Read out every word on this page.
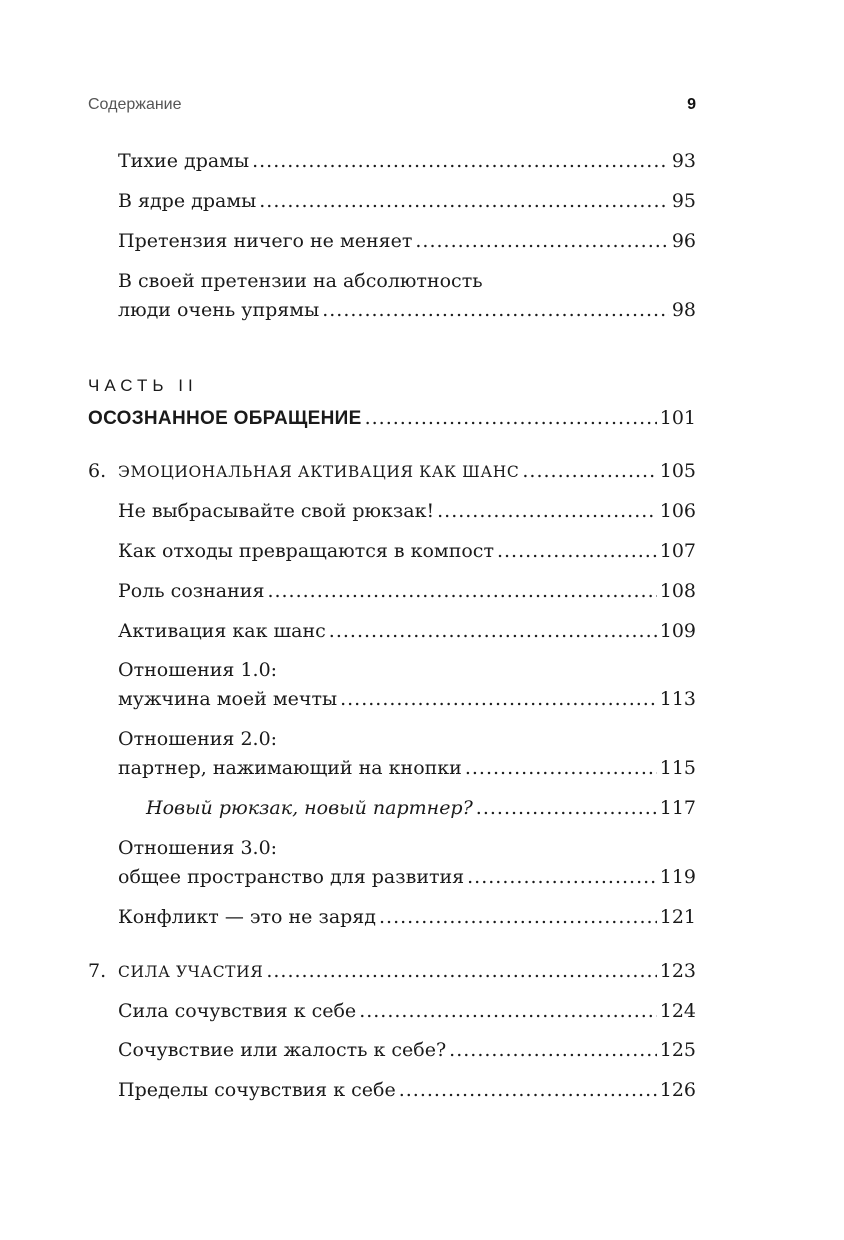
Содержание	9
Тихие драмы .....	93
В ядре драмы .....	95
Претензия ничего не меняет .....	96
В своей претензии на абсолютность
люди очень упрямы .....	98
ЧАСТЬ II
ОСОЗНАННОЕ ОБРАЩЕНИЕ .....	101
6. ЭМОЦИОНАЛЬНАЯ АКТИВАЦИЯ КАК ШАНС .....	105
Не выбрасывайте свой рюкзак! .....	106
Как отходы превращаются в компост .....	107
Роль сознания .....	108
Активация как шанс .....	109
Отношения 1.0:
мужчина моей мечты .....	113
Отношения 2.0:
партнер, нажимающий на кнопки .....	115
Новый рюкзак, новый партнер? .....	117
Отношения 3.0:
общее пространство для развития .....	119
Конфликт — это не заряд .....	121
7. СИЛА УЧАСТИЯ .....	123
Сила сочувствия к себе .....	124
Сочувствие или жалость к себе? .....	125
Пределы сочувствия к себе .....	126
